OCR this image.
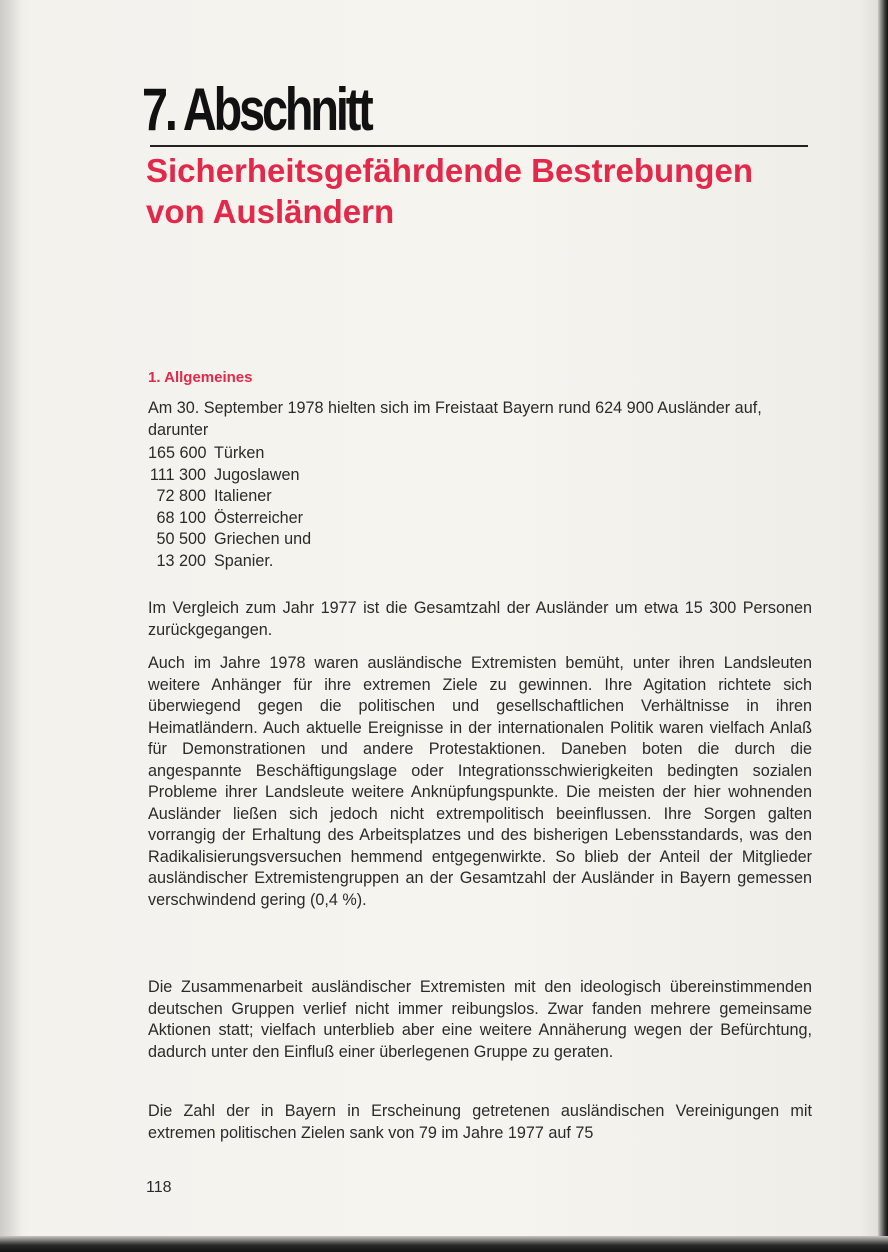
7. Abschnitt
Sicherheitsgefährdende Bestrebungen von Ausländern
1. Allgemeines

Am 30. September 1978 hielten sich im Freistaat Bayern rund 624 900 Ausländer auf, darunter

165 600 Türken
111 300 Jugoslawen
72 800 Italiener
68 100 Österreicher
50 500 Griechen und
13 200 Spanier.

Im Vergleich zum Jahr 1977 ist die Gesamtzahl der Ausländer um etwa 15 300 Personen zurückgegangen.

Auch im Jahre 1978 waren ausländische Extremisten bemüht, unter ihren Landsleuten weitere Anhänger für ihre extremen Ziele zu gewinnen. Ihre Agitation richtete sich überwiegend gegen die politischen und gesellschaftlichen Verhältnisse in ihren Heimatländern. Auch aktuelle Ereignisse in der internationalen Politik waren vielfach Anlaß für Demonstrationen und andere Protestaktionen. Daneben boten die durch die angespannte Beschäftigungslage oder Integrationsschwierigkeiten bedingten sozialen Probleme ihrer Landsleute weitere Anknüpfungspunkte. Die meisten der hier wohnenden Ausländer ließen sich jedoch nicht extrempolitisch beeinflussen. Ihre Sorgen galten vorrangig der Erhaltung des Arbeitsplatzes und des bisherigen Lebensstandards, was den Radikalisierungsversuchen hemmend entgegenwirkte. So blieb der Anteil der Mitglieder ausländischer Extremistengruppen an der Gesamtzahl der Ausländer in Bayern gemessen verschwindend gering (0,4 %).

Die Zusammenarbeit ausländischer Extremisten mit den ideologisch übereinstimmenden deutschen Gruppen verlief nicht immer reibungslos. Zwar fanden mehrere gemeinsame Aktionen statt; vielfach unterblieb aber eine weitere Annäherung wegen der Befürchtung, dadurch unter den Einfluß einer überlegenen Gruppe zu geraten.

Die Zahl der in Bayern in Erscheinung getretenen ausländischen Vereinigungen mit extremen politischen Zielen sank von 79 im Jahre 1977 auf 75

118
